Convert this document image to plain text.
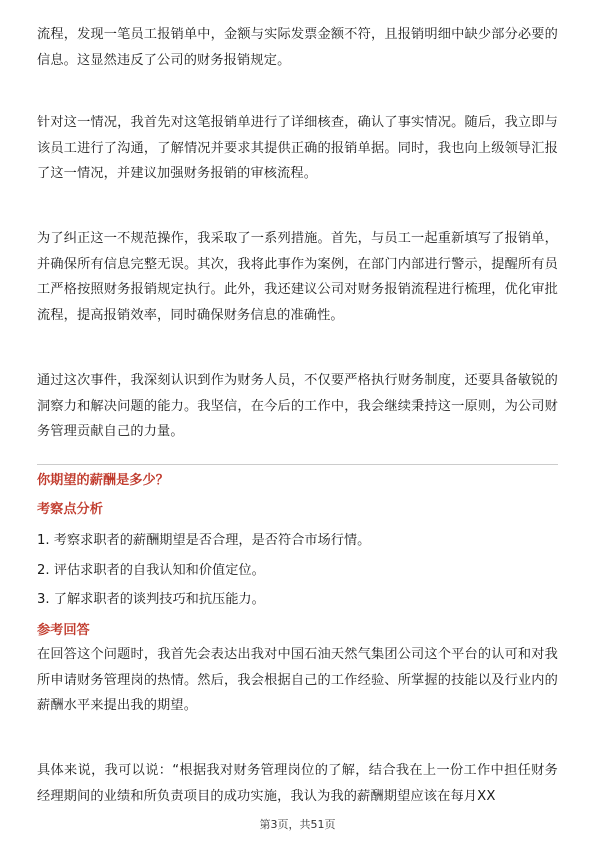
流程，发现一笔员工报销单中，金额与实际发票金额不符，且报销明细中缺少部分必要的信息。这显然违反了公司的财务报销规定。

针对这一情况，我首先对这笔报销单进行了详细核查，确认了事实情况。随后，我立即与该员工进行了沟通，了解情况并要求其提供正确的报销单据。同时，我也向上级领导汇报了这一情况，并建议加强财务报销的审核流程。

为了纠正这一不规范操作，我采取了一系列措施。首先，与员工一起重新填写了报销单，并确保所有信息完整无误。其次，我将此事作为案例，在部门内部进行警示，提醒所有员工严格按照财务报销规定执行。此外，我还建议公司对财务报销流程进行梳理，优化审批流程，提高报销效率，同时确保财务信息的准确性。

通过这次事件，我深刻认识到作为财务人员，不仅要严格执行财务制度，还要具备敏锐的洞察力和解决问题的能力。我坚信，在今后的工作中，我会继续秉持这一原则，为公司财务管理贡献自己的力量。

你期望的薪酬是多少？
考察点分析
1. 考察求职者的薪酬期望是否合理，是否符合市场行情。
2. 评估求职者的自我认知和价值定位。
3. 了解求职者的谈判技巧和抗压能力。
参考回答

在回答这个问题时，我首先会表达出我对中国石油天然气集团公司这个平台的认可和对我所申请财务管理岗的热情。然后，我会根据自己的工作经验、所掌握的技能以及行业内的薪酬水平来提出我的期望。

具体来说，我可以说：“根据我对财务管理岗位的了解，结合我在上一份工作中担任财务经理期间的业绩和所负责项目的成功实施，我认为我的薪酬期望应该在每月XX

第3页，共51页
